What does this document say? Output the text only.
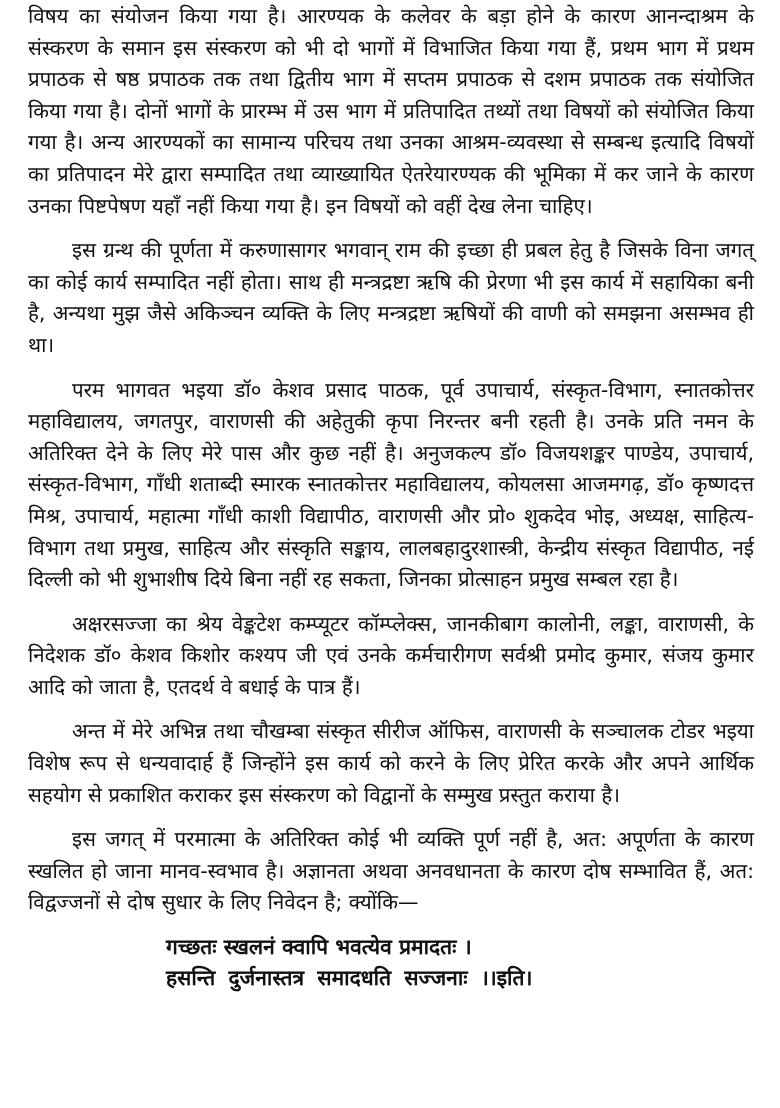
विषय का संयोजन किया गया है। आरण्यक के कलेवर के बड़ा होने के कारण आनन्दाश्रम के संस्करण के समान इस संस्करण को भी दो भागों में विभाजित किया गया हैं, प्रथम भाग में प्रथम प्रपाठक से षष्ठ प्रपाठक तक तथा द्वितीय भाग में सप्तम प्रपाठक से दशम प्रपाठक तक संयोजित किया गया है। दोनों भागों के प्रारम्भ में उस भाग में प्रतिपादित तथ्यों तथा विषयों को संयोजित किया गया है। अन्य आरण्यकों का सामान्य परिचय तथा उनका आश्रम-व्यवस्था से सम्बन्ध इत्यादि विषयों का प्रतिपादन मेरे द्वारा सम्पादित तथा व्याख्यायित ऐतरेयारण्यक की भूमिका में कर जाने के कारण उनका पिष्टपेषण यहाँ नहीं किया गया है। इन विषयों को वहीं देख लेना चाहिए।

इस ग्रन्थ की पूर्णता में करुणासागर भगवान् राम की इच्छा ही प्रबल हेतु है जिसके विना जगत् का कोई कार्य सम्पादित नहीं होता। साथ ही मन्त्रद्रष्टा ऋषि की प्रेरणा भी इस कार्य में सहायिका बनी है, अन्यथा मुझ जैसे अकिञ्चन व्यक्ति के लिए मन्त्रद्रष्टा ऋषियों की वाणी को समझना असम्भव ही था।

परम भागवत भइया डॉ० केशव प्रसाद पाठक, पूर्व उपाचार्य, संस्कृत-विभाग, स्नातकोत्तर महाविद्यालय, जगतपुर, वाराणसी की अहेतुकी कृपा निरन्तर बनी रहती है। उनके प्रति नमन के अतिरिक्त देने के लिए मेरे पास और कुछ नहीं है। अनुजकल्प डॉ० विजयशङ्कर पाण्डेय, उपाचार्य, संस्कृत-विभाग, गाँधी शताब्दी स्मारक स्नातकोत्तर महाविद्यालय, कोयलसा आजमगढ़, डॉ० कृष्णदत्त मिश्र, उपाचार्य, महात्मा गाँधी काशी विद्यापीठ, वाराणसी और प्रो० शुकदेव भोइ, अध्यक्ष, साहित्य-विभाग तथा प्रमुख, साहित्य और संस्कृति सङ्काय, लालबहादुरशास्त्री, केन्द्रीय संस्कृत विद्यापीठ, नई दिल्ली को भी शुभाशीष दिये बिना नहीं रह सकता, जिनका प्रोत्साहन प्रमुख सम्बल रहा है।

अक्षरसज्जा का श्रेय वेङ्कटेश कम्प्यूटर कॉम्प्लेक्स, जानकीबाग कालोनी, लङ्का, वाराणसी, के निदेशक डॉ० केशव किशोर कश्यप जी एवं उनके कर्मचारीगण सर्वश्री प्रमोद कुमार, संजय कुमार आदि को जाता है, एतदर्थ वे बधाई के पात्र हैं।

अन्त में मेरे अभिन्न तथा चौखम्बा संस्कृत सीरीज ऑफिस, वाराणसी के सञ्चालक टोडर भइया विशेष रूप से धन्यवादार्ह हैं जिन्होंने इस कार्य को करने के लिए प्रेरित करके और अपने आर्थिक सहयोग से प्रकाशित कराकर इस संस्करण को विद्वानों के सम्मुख प्रस्तुत कराया है।

इस जगत् में परमात्मा के अतिरिक्त कोई भी व्यक्ति पूर्ण नहीं है, अत: अपूर्णता के कारण स्खलित हो जाना मानव-स्वभाव है। अज्ञानता अथवा अनवधानता के कारण दोष सम्भावित हैं, अत: विद्वज्जनों से दोष सुधार के लिए निवेदन है; क्योंकि—

गच्छतः स्खलनं क्वापि भवत्येव प्रमादतः ।
हसन्ति दुर्जनास्तत्र समादधति सज्जनाः ।।इति।
